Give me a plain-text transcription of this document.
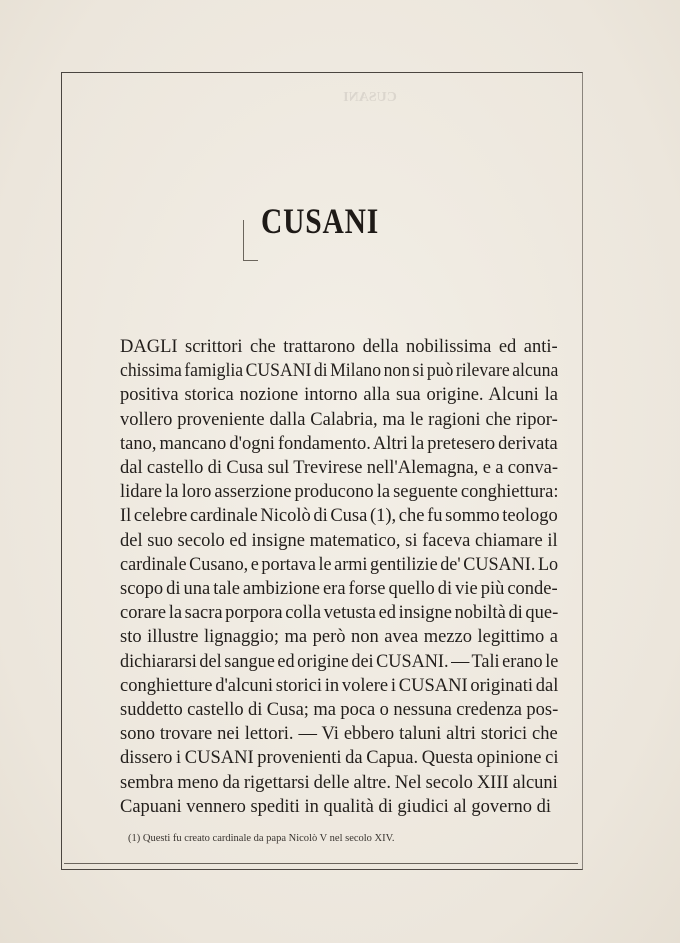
CUSANI
CUSANI
DAGLI scrittori che trattarono della nobilissima ed anti-
chissima famiglia CUSANI di Milano non si può rilevare alcuna
positiva storica nozione intorno alla sua origine. Alcuni la
vollero proveniente dalla Calabria, ma le ragioni che ripor-
tano, mancano d'ogni fondamento. Altri la pretesero derivata
dal castello di Cusa sul Trevirese nell'Alemagna, e a conva-
lidare la loro asserzione producono la seguente conghiettura:
Il celebre cardinale Nicolò di Cusa (1), che fu sommo teologo
del suo secolo ed insigne matematico, si faceva chiamare il
cardinale Cusano, e portava le armi gentilizie de' CUSANI. Lo
scopo di una tale ambizione era forse quello di vie più conde-
corare la sacra porpora colla vetusta ed insigne nobiltà di que-
sto illustre lignaggio; ma però non avea mezzo legittimo a
dichiararsi del sangue ed origine dei CUSANI. — Tali erano le
conghietture d'alcuni storici in volere i CUSANI originati dal
suddetto castello di Cusa; ma poca o nessuna credenza pos-
sono trovare nei lettori. — Vi ebbero taluni altri storici che
dissero i CUSANI provenienti da Capua. Questa opinione ci
sembra meno da rigettarsi delle altre. Nel secolo XIII alcuni
Capuani vennero spediti in qualità di giudici al governo di
(1) Questi fu creato cardinale da papa Nicolò V nel secolo XIV.
